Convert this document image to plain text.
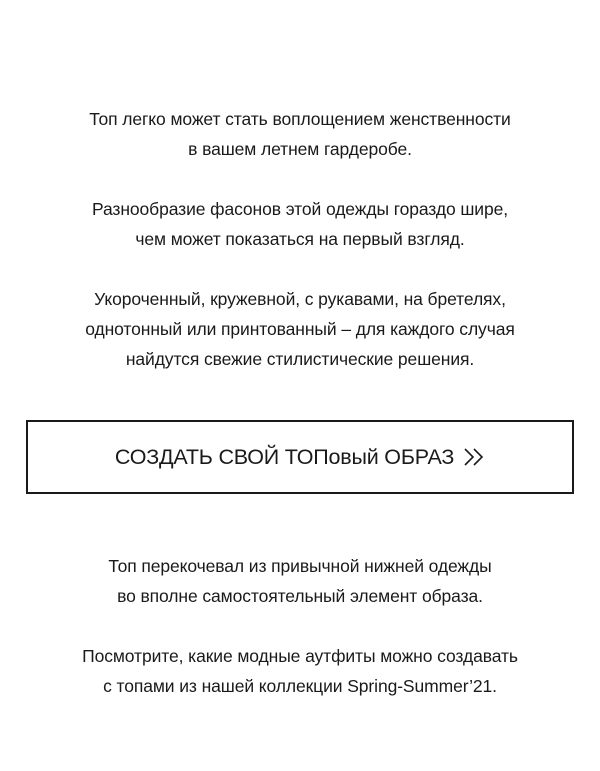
Топ легко может стать воплощением женственности
в вашем летнем гардеробе.
Разнообразие фасонов этой одежды гораздо шире,
чем может показаться на первый взгляд.
Укороченный, кружевной, с рукавами, на бретелях,
однотонный или принтованный – для каждого случая
найдутся свежие стилистические решения.
СОЗДАТЬ СВОЙ ТОПовый ОБРАЗ
Топ перекочевал из привычной нижней одежды
во вполне самостоятельный элемент образа.
Посмотрите, какие модные аутфиты можно создавать
с топами из нашей коллекции Spring-Summer’21.
